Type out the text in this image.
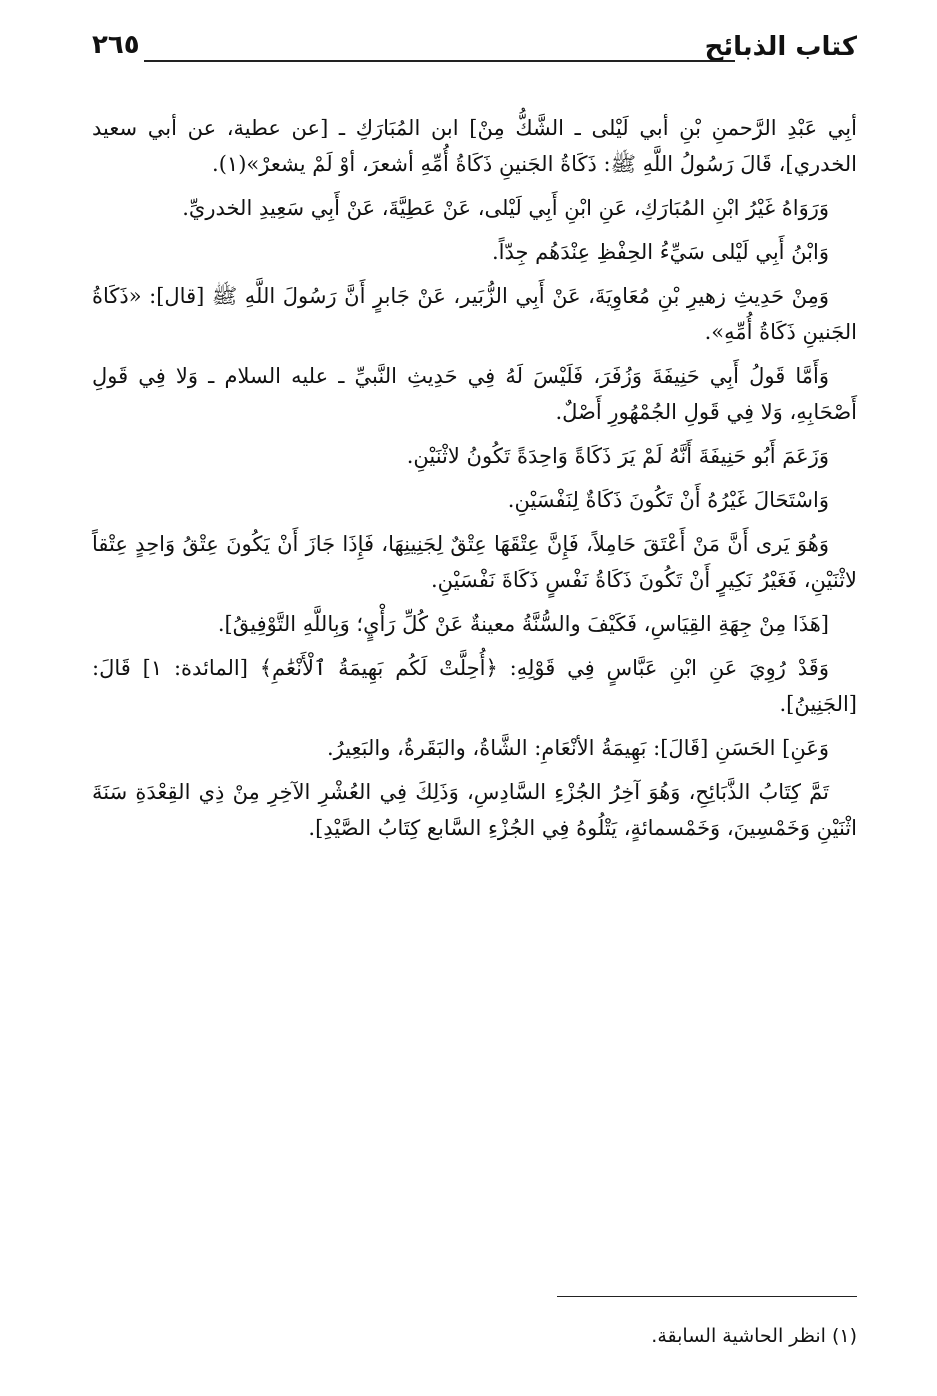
كتاب الذبائح
٢٦٥

أبِي عَبْدِ الرَّحمنِ بْنِ أبي لَيْلى ـ الشَّكُّ مِنْ] ابن المُبَارَكِ ـ [عن عطية، عن أبي سعيد الخدري]، قَالَ رَسُولُ اللَّهِ ﷺ: ذَكَاةُ الجَنينِ ذَكَاةُ أُمِّهِ أشعرَ، أوْ لَمْ يشعرْ»(١).

وَرَوَاهُ غَيْرُ ابْنِ المُبَارَكِ، عَنِ ابْنِ أَبِي لَيْلى، عَنْ عَطِيَّةَ، عَنْ أَبِي سَعِيدِ الخدريِّ.

وَابْنُ أَبِي لَيْلى سَيِّءُ الحِفْظِ عِنْدَهُم جِدّاً.

وَمِنْ حَدِيثِ زهيرِ بْنِ مُعَاوِيَةَ، عَنْ أَبِي الزُّبَير، عَنْ جَابرٍ أَنَّ رَسُولَ اللَّهِ ﷺ [قال]: «ذَكَاةُ الجَنينِ ذَكَاةُ أُمِّهِ».

وَأَمَّا قَولُ أَبِي حَنِيفَةَ وَزُفَرَ، فَلَيْسَ لَهُ فِي حَدِيثِ النَّبيِّ ـ عليه السلام ـ وَلا فِي قَولِ أَصْحَابِهِ، وَلا فِي قَولِ الجُمْهُورِ أَصْلٌ.

وَزَعَمَ أَبُو حَنِيفَةَ أَنَّهُ لَمْ يَرَ ذَكَاةً وَاحِدَةً تَكُونُ لاثْنَيْنِ.

وَاسْتَحَالَ غَيْرُهُ أَنْ تَكُونَ ذَكَاةٌ لِنَفْسَيْنِ.

وَهُوَ يَرى أَنَّ مَنْ أَعْتَقَ حَامِلاً، فَإِنَّ عِتْقَهَا عِتْقٌ لِجَنِينِهَا، فَإِذَا جَازَ أَنْ يَكُونَ عِتْقُ وَاحِدٍ عِتْقاً لاثْنَيْنِ، فَغَيْرُ نَكِيرٍ أَنْ تَكُونَ ذَكَاةُ نَفْسٍ ذَكَاةَ نَفْسَيْنِ.

[هَذَا مِنْ جِهَةِ القِيَاسِ، فَكَيْفَ والسُّنَّةُ معينةٌ عَنْ كُلِّ رَأْيٍ؛ وَبِاللَّهِ التَّوْفِيقُ].

وَقَدْ رُوِيَ عَنِ ابْنِ عَبَّاسٍ فِي قَوْلِهِ: ﴿أُحِلَّتْ لَكُم بَهِيمَةُ ٱلْأَنْعَٰمِ﴾ [المائدة: ١] قَالَ: [الجَنِينُ].

وَعَنِ] الحَسَنِ [قَالَ]: بَهِيمَةُ الأنْعَامِ: الشَّاةُ، والبَقَرةُ، والبَعِيرُ.

تَمَّ كِتَابُ الذَّبَائِحِ، وَهُوَ آخِرُ الجُزْءِ السَّادِسِ، وَذَلِكَ فِي العُشْرِ الآخِرِ مِنْ ذِي القِعْدَةِ سَنَةَ اثْنَيْنِ وَخَمْسِينَ، وَخَمْسمائةٍ، يَتْلُوهُ فِي الجُزْءِ السَّابع كِتَابُ الصَّيْدِ].

(١) انظر الحاشية السابقة.
